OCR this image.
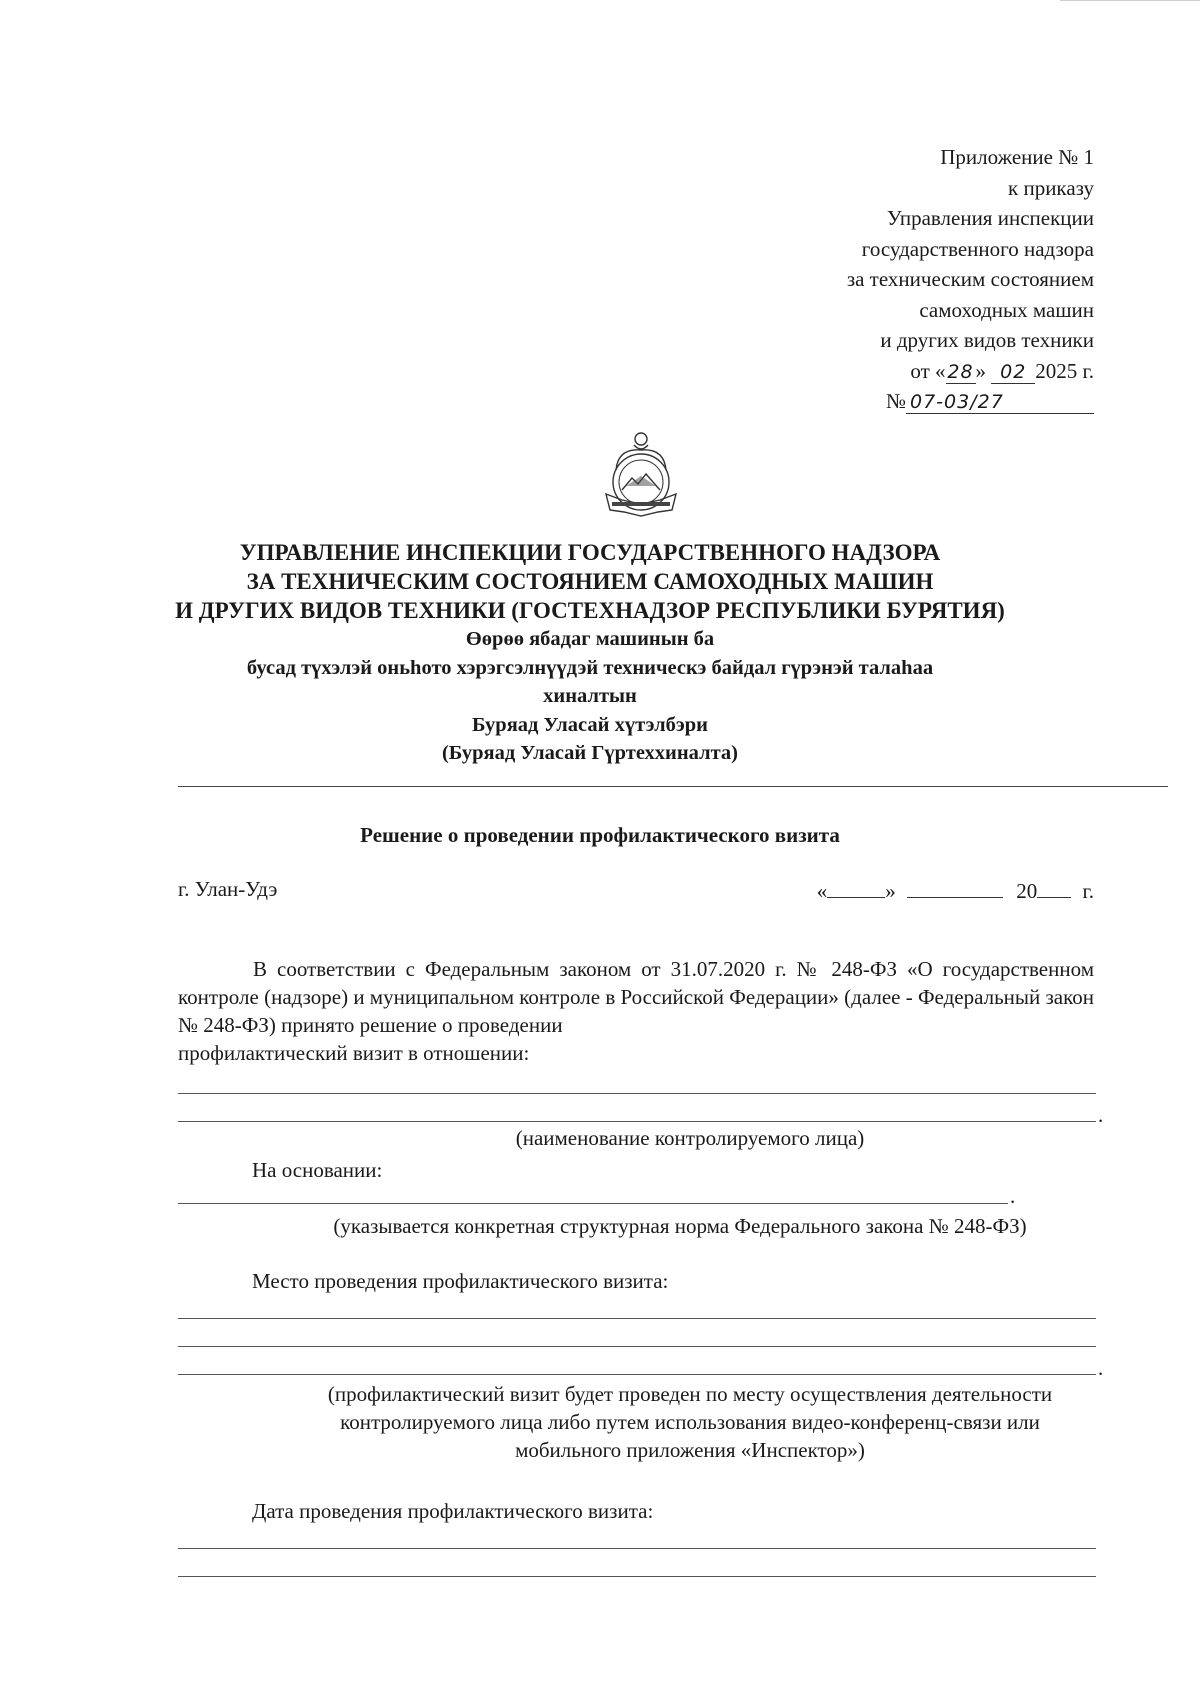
Приложение № 1
к приказу
Управления инспекции
государственного надзора
за техническим состоянием
самоходных машин
и других видов техники
от « 28» 02 2025 г.
№ 07-03/27
УПРАВЛЕНИЕ ИНСПЕКЦИИ ГОСУДАРСТВЕННОГО НАДЗОРА
ЗА ТЕХНИЧЕСКИМ СОСТОЯНИЕМ САМОХОДНЫХ МАШИН
И ДРУГИХ ВИДОВ ТЕХНИКИ (ГОСТЕХНАДЗОР РЕСПУБЛИКИ БУРЯТИЯ)
Өөрөө ябадаг машинын ба
бусад түхэлэй оньһото хэрэгсэлнүүдэй техническэ байдал гүрэнэй талаһаа
хиналтын
Буряад Уласай хүтэлбэри
(Буряад Уласай Гүртеххиналта)
Решение о проведении профилактического визита
г. Улан-Удэ	«	»	20 г.
В соответствии с Федеральным законом от 31.07.2020 г. № 248-ФЗ «О государственном контроле (надзоре) и муниципальном контроле в Российской Федерации» (далее - Федеральный закон № 248-ФЗ) принято решение о проведении
профилактический визит в отношении:
.
(наименование контролируемого лица)
На основании:
.
(указывается конкретная структурная норма Федерального закона № 248-ФЗ)
Место проведения профилактического визита:
.
(профилактический визит будет проведен по месту осуществления деятельности
контролируемого лица либо путем использования видео-конференц-связи или
мобильного приложения «Инспектор»)
Дата проведения профилактического визита:
